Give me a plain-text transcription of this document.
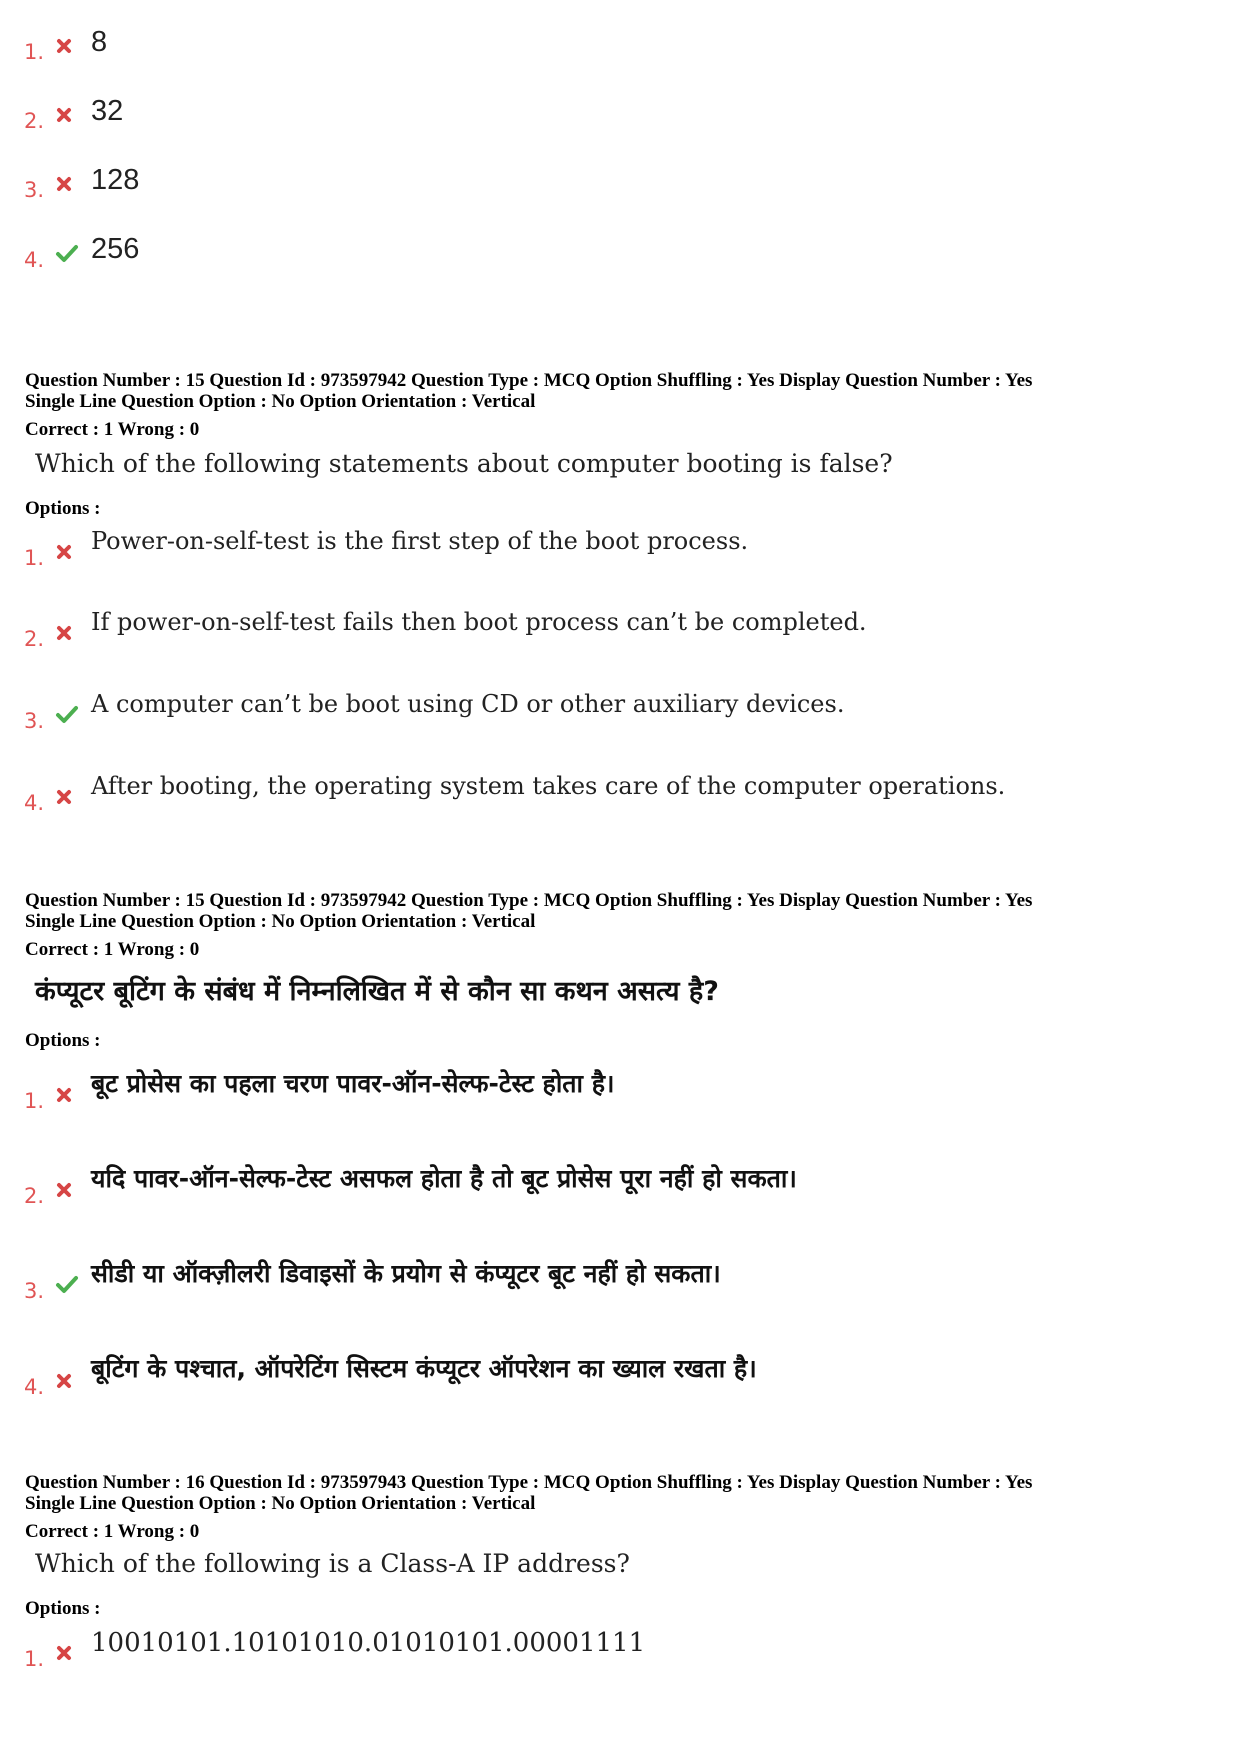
1. 8
2. 32
3. 128
4. 256
Question Number : 15 Question Id : 973597942 Question Type : MCQ Option Shuffling : Yes Display Question Number : Yes
Single Line Question Option : No Option Orientation : Vertical
Correct : 1 Wrong : 0
Which of the following statements about computer booting is false?
Options :
1.
Power-on-self-test is the first step of the boot process.
2.
If power-on-self-test fails then boot process can’t be completed.
3.
A computer can’t be boot using CD or other auxiliary devices.
4.
After booting, the operating system takes care of the computer operations.
Question Number : 15 Question Id : 973597942 Question Type : MCQ Option Shuffling : Yes Display Question Number : Yes
Single Line Question Option : No Option Orientation : Vertical
Correct : 1 Wrong : 0
कंप्यूटर बूटिंग के संबंध में निम्नलिखित में से कौन सा कथन असत्य है?
Options :
1.
बूट प्रोसेस का पहला चरण पावर-ऑन-सेल्फ-टेस्ट होता है।
2.
यदि पावर-ऑन-सेल्फ-टेस्ट असफल होता है तो बूट प्रोसेस पूरा नहीं हो सकता।
3.
सीडी या ऑक्ज़ीलरी डिवाइसों के प्रयोग से कंप्यूटर बूट नहीं हो सकता।
4.
बूटिंग के पश्चात, ऑपरेटिंग सिस्टम कंप्यूटर ऑपरेशन का ख्याल रखता है।
Question Number : 16 Question Id : 973597943 Question Type : MCQ Option Shuffling : Yes Display Question Number : Yes
Single Line Question Option : No Option Orientation : Vertical
Correct : 1 Wrong : 0
Which of the following is a Class-A IP address?
Options :
1.
10010101.10101010.01010101.00001111
